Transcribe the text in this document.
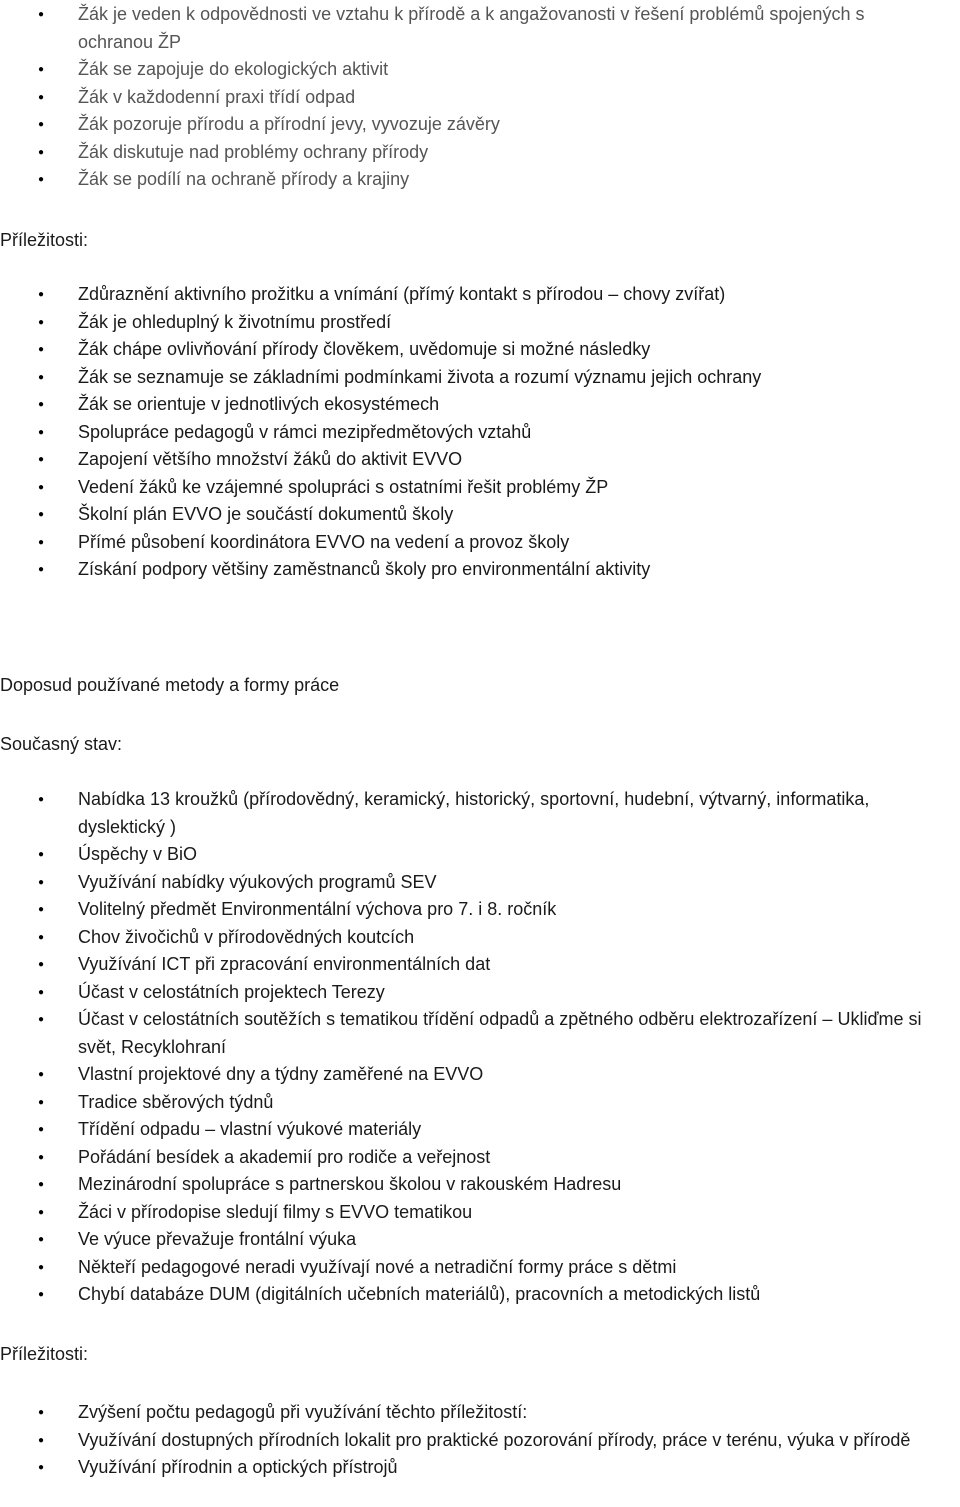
● Žák je veden k odpovědnosti ve vztahu k přírodě a k angažovanosti v řešení problémů spojených s ochranou ŽP
● Žák se zapojuje do ekologických aktivit
● Žák v každodenní praxi třídí odpad
● Žák pozoruje přírodu a přírodní jevy, vyvozuje závěry
● Žák diskutuje nad problémy ochrany přírody
● Žák se podílí na ochraně přírody a krajiny
Příležitosti:
● Zdůraznění aktivního prožitku a vnímání (přímý kontakt s přírodou – chovy zvířat)
● Žák je ohleduplný k životnímu prostředí
● Žák chápe ovlivňování přírody člověkem, uvědomuje si možné následky
● Žák se seznamuje se základními podmínkami života a rozumí významu jejich ochrany
● Žák se orientuje v jednotlivých ekosystémech
● Spolupráce pedagogů v rámci mezipředmětových vztahů
● Zapojení většího množství žáků do aktivit EVVO
● Vedení žáků ke vzájemné spolupráci s ostatními řešit problémy ŽP
● Školní plán EVVO je součástí dokumentů školy
● Přímé působení koordinátora EVVO na vedení a provoz školy
● Získání podpory většiny zaměstnanců školy pro environmentální aktivity
Doposud používané metody a formy práce
Současný stav:
● Nabídka 13 kroužků (přírodovědný, keramický, historický, sportovní, hudební, výtvarný, informatika, dyslektický )
● Úspěchy v BiO
● Využívání nabídky výukových programů SEV
● Volitelný předmět Environmentální výchova pro 7. i 8. ročník
● Chov živočichů v přírodovědných koutcích
● Využívání ICT při zpracování environmentálních dat
● Účast v celostátních projektech Terezy
● Účast v celostátních soutěžích s tematikou třídění odpadů a zpětného odběru elektrozařízení – Ukliďme si svět, Recyklohraní
● Vlastní projektové dny a týdny zaměřené na EVVO
● Tradice sběrových týdnů
● Třídění odpadu – vlastní výukové materiály
● Pořádání besídek a akademií pro rodiče a veřejnost
● Mezinárodní spolupráce s partnerskou školou v rakouském Hadresu
● Žáci v přírodopise sledují filmy s EVVO tematikou
● Ve výuce převažuje frontální výuka
● Někteří pedagogové neradi využívají nové a netradiční formy práce s dětmi
● Chybí databáze DUM (digitálních učebních materiálů), pracovních a metodických listů
Příležitosti:
● Zvýšení počtu pedagogů při využívání těchto příležitostí:
● Využívání dostupných přírodních lokalit pro praktické pozorování přírody, práce v terénu, výuka v přírodě
● Využívání přírodnin a optických přístrojů
